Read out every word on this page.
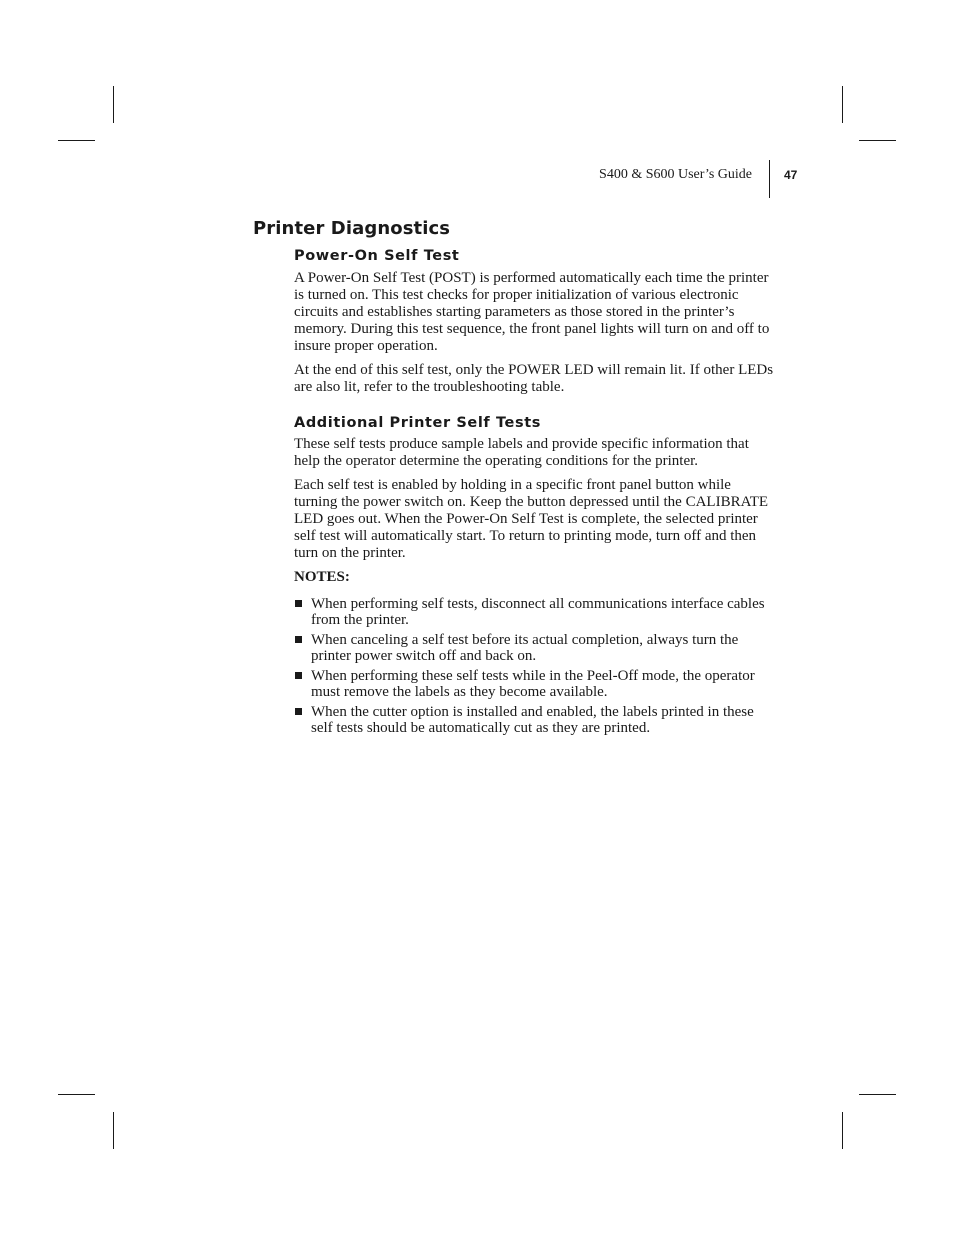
S400 & S600 User’s Guide	47
Printer Diagnostics
Power-On Self Test

A Power-On Self Test (POST) is performed automatically each time the printer is turned on. This test checks for proper initialization of various electronic circuits and establishes starting parameters as those stored in the printer’s memory. During this test sequence, the front panel lights will turn on and off to insure proper operation.

At the end of this self test, only the POWER LED will remain lit. If other LEDs are also lit, refer to the troubleshooting table.

Additional Printer Self Tests

These self tests produce sample labels and provide specific information that help the operator determine the operating conditions for the printer.

Each self test is enabled by holding in a specific front panel button while turning the power switch on. Keep the button depressed until the CALIBRATE LED goes out. When the Power-On Self Test is complete, the selected printer self test will automatically start. To return to printing mode, turn off and then turn on the printer.

NOTES:

When performing self tests, disconnect all communications interface cables from the printer.
When canceling a self test before its actual completion, always turn the printer power switch off and back on.
When performing these self tests while in the Peel-Off mode, the operator must remove the labels as they become available.
When the cutter option is installed and enabled, the labels printed in these self tests should be automatically cut as they are printed.
